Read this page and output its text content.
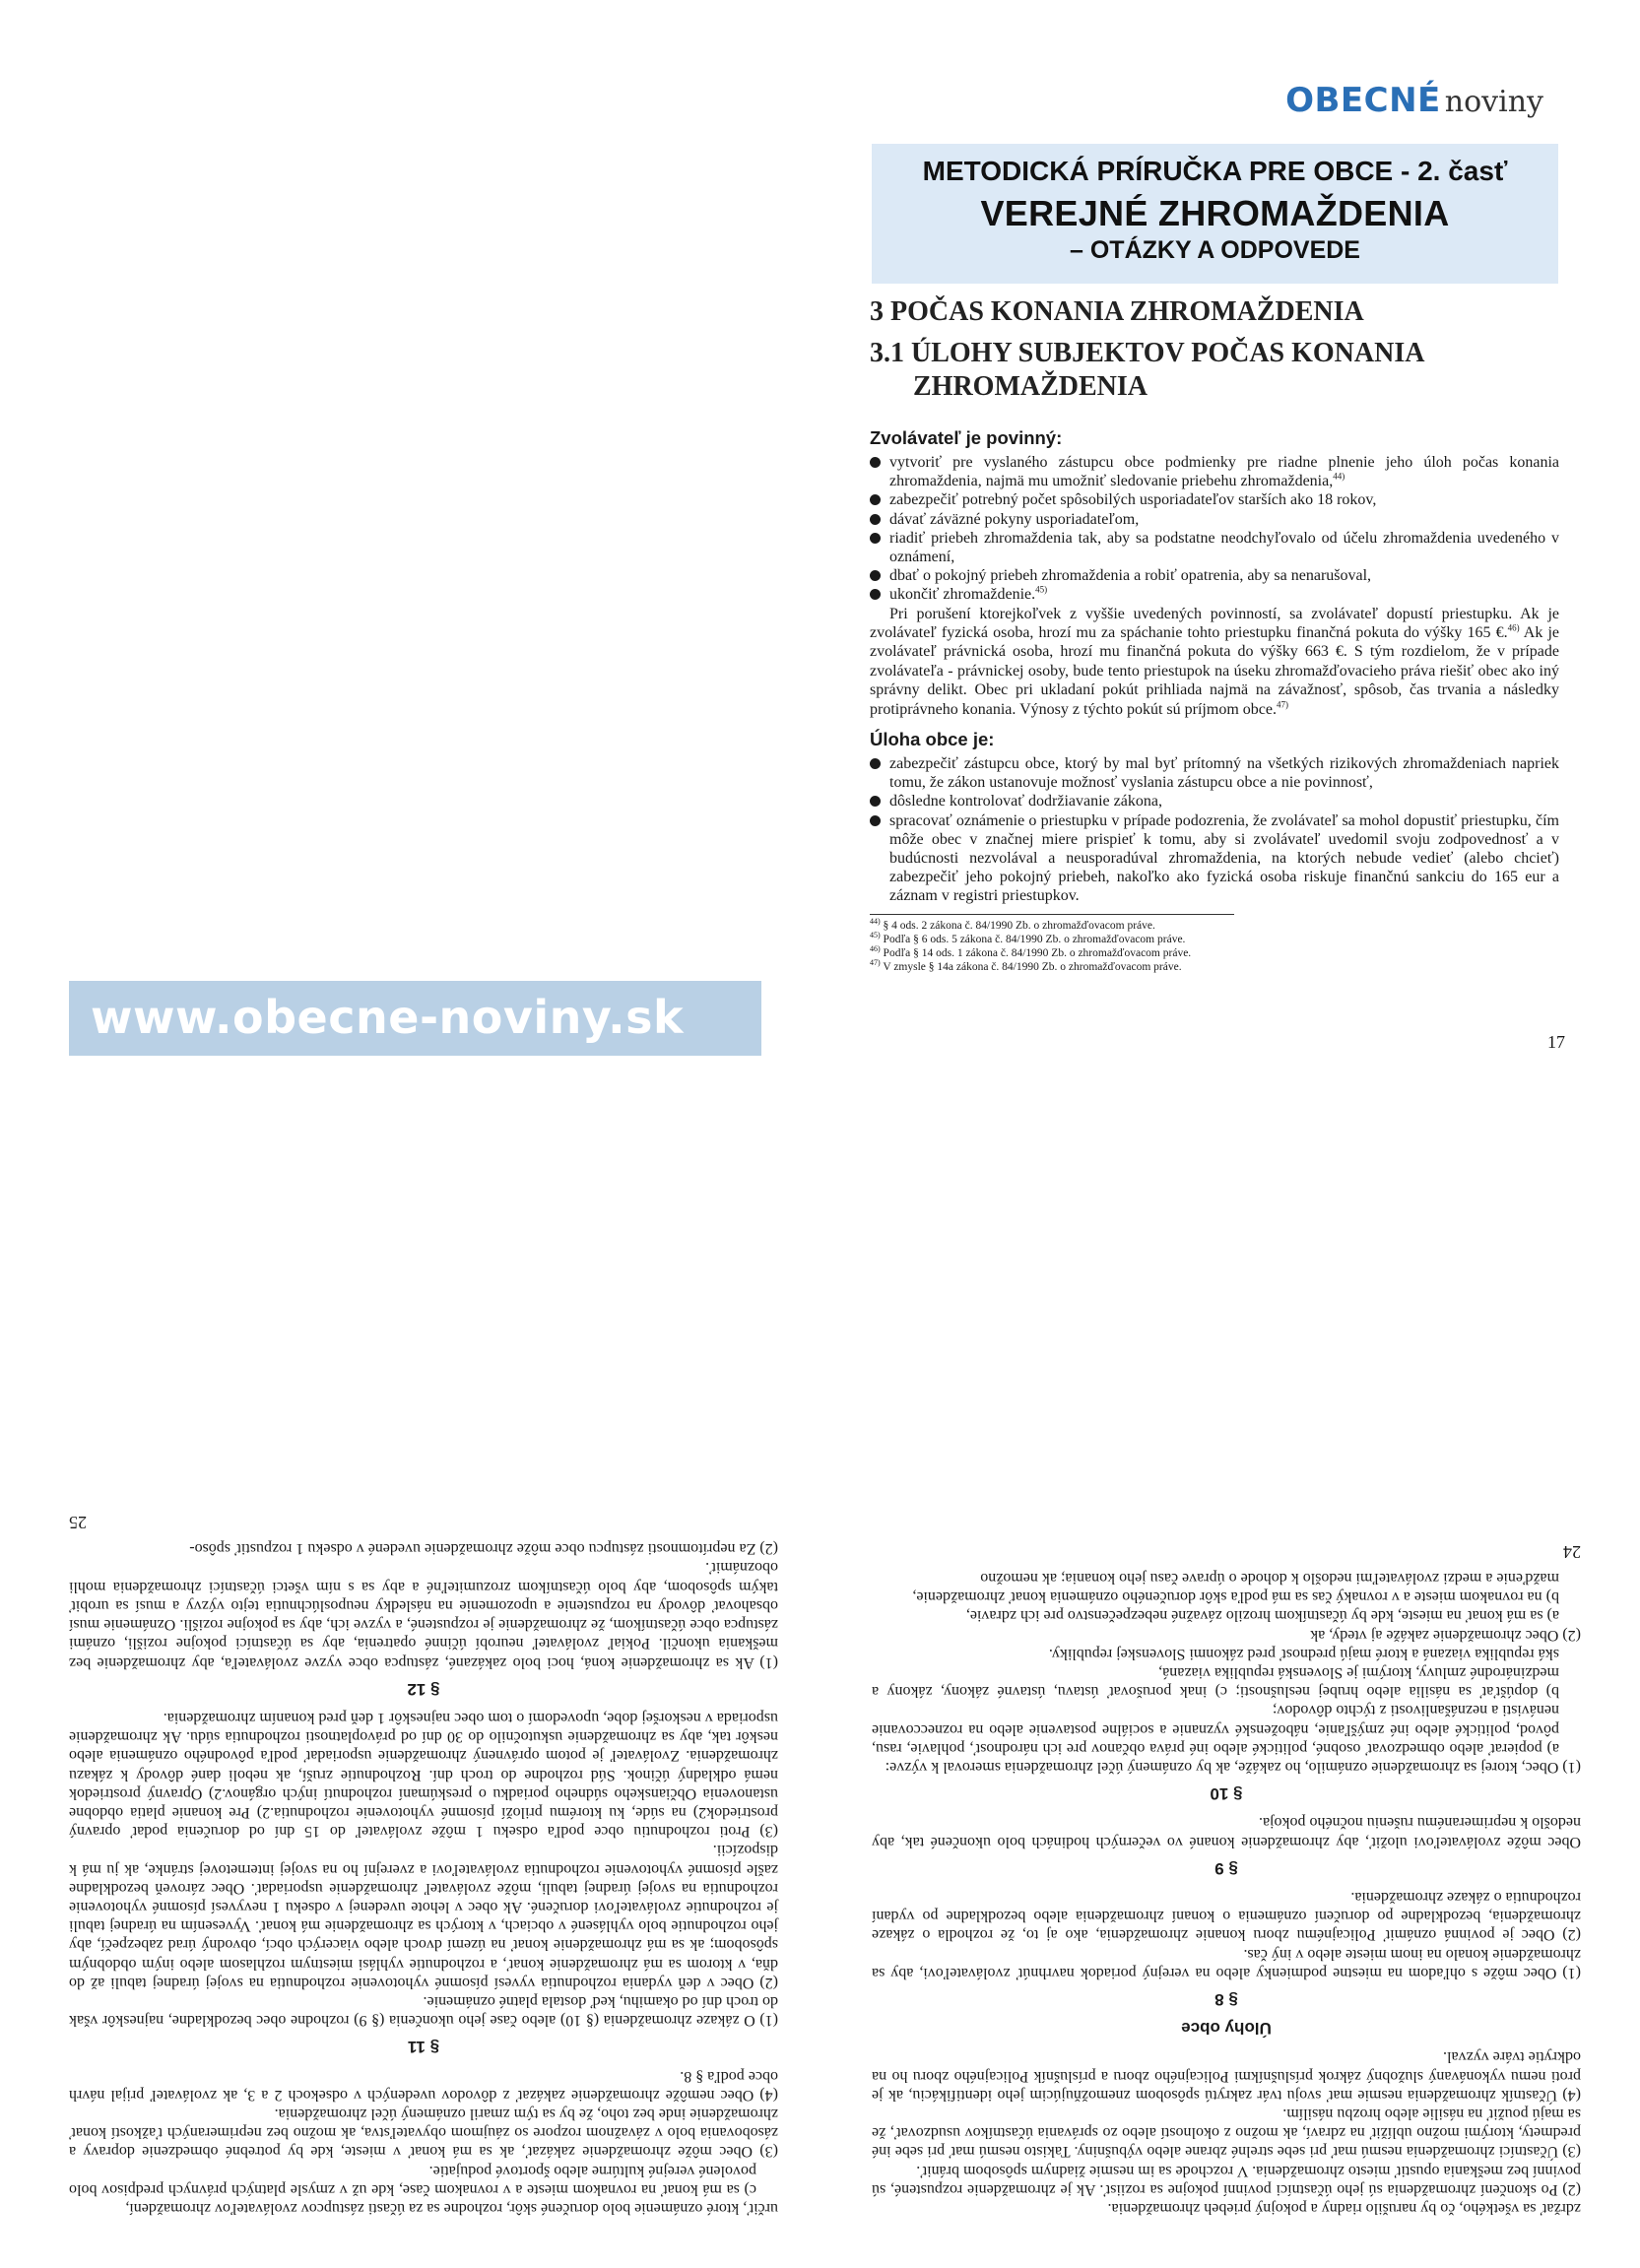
OBECNÉ noviny
METODICKÁ PRÍRUČKA PRE OBCE - 2. časť
VEREJNÉ ZHROMAŽDENIA
– OTÁZKY A ODPOVEDE
3 POČAS KONANIA ZHROMAŽDENIA
3.1 ÚLOHY SUBJEKTOV POČAS KONANIA
ZHROMAŽDENIA
Zvolávateľ je povinný:
vytvoriť pre vyslaného zástupcu obce podmienky pre riadne plnenie jeho úloh počas konania zhromaždenia, najmä mu umožniť sledovanie priebehu zhromaždenia,$^{44)}$
zabezpečiť potrebný počet spôsobilých usporiadateľov starších ako 18 rokov,
dávať záväzné pokyny usporiadateľom,
riadiť priebeh zhromaždenia tak, aby sa podstatne neodchyľovalo od účelu zhromaždenia uvedeného v oznámení,
dbať o pokojný priebeh zhromaždenia a robiť opatrenia, aby sa nenarušoval,
ukončiť zhromaždenie.$^{45)}$

Pri porušení ktorejkoľvek z vyššie uvedených povinností, sa zvolávateľ dopustí priestupku. Ak je zvolávateľ fyzická osoba, hrozí mu za spáchanie tohto priestupku finančná pokuta do výšky 165 €.$^{46)}$ Ak je zvolávateľ právnická osoba, hrozí mu finančná pokuta do výšky 663 €. S tým rozdielom, že v prípade zvolávateľa - právnickej osoby, bude tento priestupok na úseku zhromažďovacieho práva riešiť obec ako iný správny delikt. Obec pri ukladaní pokút prihliada najmä na závažnosť, spôsob, čas trvania a následky protiprávneho konania. Výnosy z týchto pokút sú príjmom obce.$^{47)}$

Úloha obce je:
zabezpečiť zástupcu obce, ktorý by mal byť prítomný na všetkých rizikových zhromaždeniach napriek tomu, že zákon ustanovuje možnosť vyslania zástupcu obce a nie povinnosť,
dôsledne kontrolovať dodržiavanie zákona,
spracovať oznámenie o priestupku v prípade podozrenia, že zvolávateľ sa mohol dopustiť priestupku, čím môže obec v značnej miere prispieť k tomu, aby si zvolávateľ uvedomil svoju zodpovednosť a v budúcnosti nezvolával a neusporadúval zhromaždenia, na ktorých nebude vedieť (alebo chcieť) zabezpečiť jeho pokojný priebeh, nakoľko ako fyzická osoba riskuje finančnú sankciu do 165 eur a záznam v registri priestupkov.
$^{44)}$ § 4 ods. 2 zákona č. 84/1990 Zb. o zhromažďovacom práve.
$^{45)}$ Podľa § 6 ods. 5 zákona č. 84/1990 Zb. o zhromažďovacom práve.
$^{46)}$ Podľa § 14 ods. 1 zákona č. 84/1990 Zb. o zhromažďovacom práve.
$^{47)}$ V zmysle § 14a zákona č. 84/1990 Zb. o zhromažďovacom práve.
17
www.obecne-noviny.sk

určiť, ktoré oznámenie bolo doručené skôr, rozhodne sa za účasti zástupcov zvolávateľov zhromaždení,

c) sa má konať na rovnakom mieste a v rovnakom čase, kde už v zmysle platných právnych predpisov bolo povolené verejné kultúrne alebo športové podujatie.

(3) Obec môže zhromaždenie zakázať, ak sa má konať v mieste, kde by potrebné obmedzenie dopravy a zásobovania bolo v závažnom rozpore so záujmom obyvateľstva, ak možno bez neprimeraných ťažkostí konať zhromaždenie inde bez toho, že by sa tým zmaril oznámený účel zhromaždenia.

(4) Obec nemôže zhromaždenie zakázať z dôvodov uvedených v odsekoch 2 a 3, ak zvolávateľ prijal návrh obce podľa § 8.

§ 11

(1) O zákaze zhromaždenia (§ 10) alebo čase jeho ukončenia (§ 9) rozhodne obec bezodkladne, najneskôr však do troch dní od okamihu, keď dostala platné oznámenie.

(2) Obec v deň vydania rozhodnutia vyvesí písomné vyhotovenie rozhodnutia na svojej úradnej tabuli až do dňa, v ktorom sa má zhromaždenie konať, a rozhodnutie vyhlási miestnym rozhlasom alebo iným obdobným spôsobom; ak sa má zhromaždenie konať na území dvoch alebo viacerých obcí, obvodný úrad zabezpečí, aby jeho rozhodnutie bolo vyhlásené v obciach, v ktorých sa zhromaždenie má konať. Vyvesením na úradnej tabuli je rozhodnutie zvolávateľovi doručené. Ak obec v lehote uvedenej v odseku 1 nevyvesí písomné vyhotovenie rozhodnutia na svojej úradnej tabuli, môže zvolávateľ zhromaždenie usporiadať. Obec zároveň bezodkladne zašle písomné vyhotovenie rozhodnutia zvolávateľovi a zverejní ho na svojej internetovej stránke, ak ju má k dispozícii.

(3) Proti rozhodnutiu obce podľa odseku 1 môže zvolávateľ do 15 dní od doručenia podať opravný prostriedok2) na súde, ku ktorému priloží písomné vyhotovenie rozhodnutia.2) Pre konanie platia obdobne ustanovenia Občianskeho súdneho poriadku o preskúmaní rozhodnutí iných orgánov.2) Opravný prostriedok nemá odkladný účinok. Súd rozhodne do troch dní. Rozhodnutie zruší, ak neboli dané dôvody k zákazu zhromaždenia. Zvolávateľ je potom oprávnený zhromaždenie usporiadať podľa pôvodného oznámenia alebo neskôr tak, aby sa zhromaždenie uskutočnilo do 30 dní od právoplatnosti rozhodnutia súdu. Ak zhromaždenie usporiada v neskoršej dobe, upovedomí o tom obec najneskôr 1 deň pred konaním zhromaždenia.

§ 12

(1) Ak sa zhromaždenie koná, hoci bolo zakázané, zástupca obce vyzve zvolávateľa, aby zhromaždenie bez meškania ukončil. Pokiaľ zvolávateľ neurobí účinné opatrenia, aby sa účastníci pokojne rozišli, oznámi zástupca obce účastníkom, že zhromaždenie je rozpustené, a vyzve ich, aby sa pokojne rozišli. Oznámenie musí obsahovať dôvody na rozpustenie a upozornenie na následky neuposlúchnutia tejto výzvy a musí sa urobiť takým spôsobom, aby bolo účastníkom zrozumiteľné a aby sa s ním všetci účastníci zhromaždenia mohli oboznámiť.

(2) Za neprítomnosti zástupcu obce môže zhromaždenie uvedené v odseku 1 rozpustiť spôso-

25

zdržať sa všetkého, čo by narušilo riadny a pokojný priebeh zhromaždenia.

(2) Po skončení zhromaždenia sú jeho účastníci povinní pokojne sa roziisť. Ak je zhromaždenie rozpustené, sú povinní bez meškania opustiť miesto zhromaždenia. V rozchode sa im nesmie žiadnym spôsobom brániť.

(3) Účastníci zhromaždenia nesmú mať pri sebe strelné zbrane alebo výbušniny. Takisto nesmú mať pri sebe iné predmety, ktorými možno ublížiť na zdraví, ak možno z okolností alebo zo správania účastníkov usudzovať, že sa majú použiť na násilie alebo hrozbu násilím.

(4) Účastník zhromaždenia nesmie mať svoju tvár zakrytú spôsobom znemožňujúcim jeho identifikáciu, ak je proti nemu vykonávaný služobný zákrok príslušníkmi Policajného zboru a príslušník Policajného zboru ho na odkrytie tváre vyzval.

Úlohy obce
§ 8

(1) Obec môže s ohľadom na miestne podmienky alebo na verejný poriadok navrhnúť zvolávateľovi, aby sa zhromaždenie konalo na inom mieste alebo v iný čas.

(2) Obec je povinná oznámiť Policajnému zboru konanie zhromaždenia, ako aj to, že rozhodla o zákaze zhromaždenia, bezodkladne po doručení oznámenia o konaní zhromaždenia alebo bezodkladne po vydaní rozhodnutia o zákaze zhromaždenia.

§ 9

Obec môže zvolávateľovi uložiť, aby zhromaždenie konané vo večerných hodinách bolo ukončené tak, aby nedošlo k neprimeranému rušeniu nočného pokoja.

§ 10

(1) Obec, ktorej sa zhromaždenie oznámilo, ho zakáže, ak by oznámený účel zhromaždenia smeroval k výzve:

a) popierať alebo obmedzovať osobné, politické alebo iné práva občanov pre ich národnosť, pohlavie, rasu, pôvod, politické alebo iné zmýšľanie, náboženské vyznanie a sociálne postavenie alebo na rozneccovanie nenávisti a neznášanlivosti z týchto dôvodov;

b) dopúšťať sa násilia alebo hrubej neslušnosti; c) inak porušovať ústavu, ústavné zákony, zákony a medzinárodné zmluvy, ktorými je Slovenská republika viazaná,

ská republika viazaná a ktoré majú prednosť pred zákonmi Slovenskej republiky.

(2) Obec zhromaždenie zakáže aj vtedy, ak

a) sa má konať na mieste, kde by účastníkom hrozilo závažné nebezpečenstvo pre ich zdravie,

b) na rovnakom mieste a v rovnaký čas sa má podľa skôr doručeného oznámenia konať zhromaždenie,

mažďenie a medzi zvolávateľmi nedošlo k dohode o úprave času jeho konania; ak nemožno

24
